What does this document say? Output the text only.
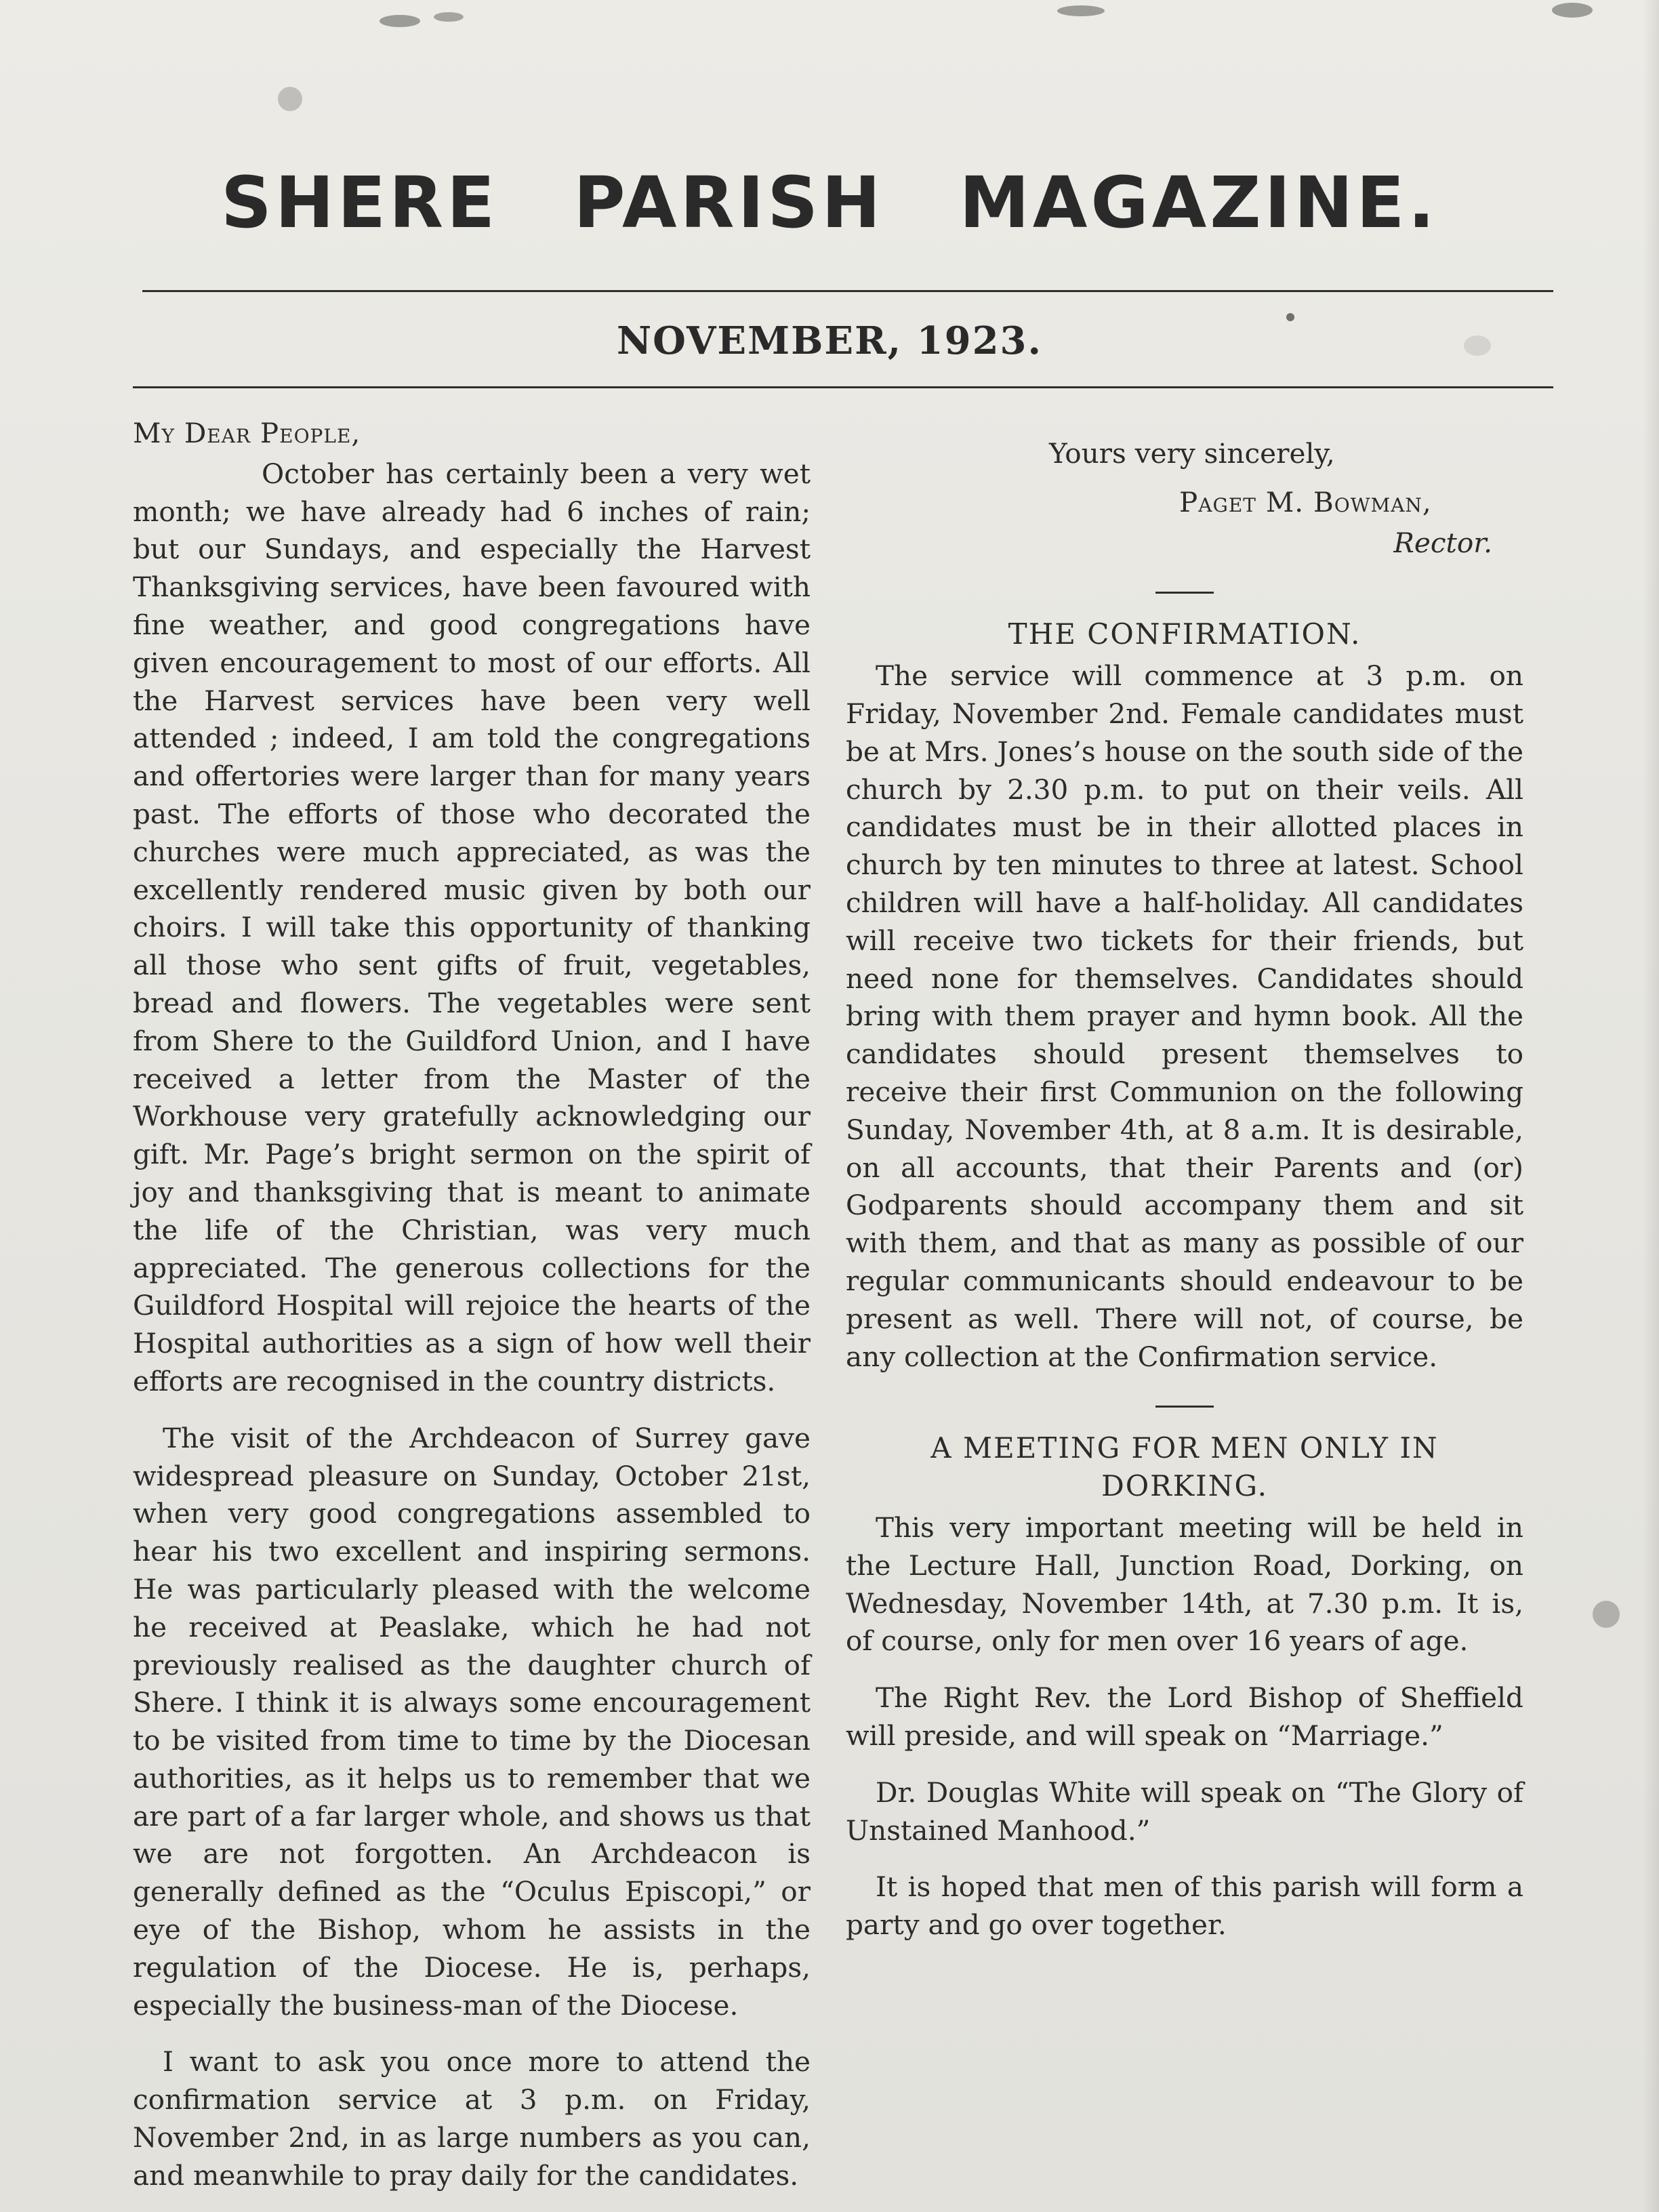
SHERE PARISH MAGAZINE.
NOVEMBER, 1923.

My Dear People,

October has certainly been a very wet month; we have already had 6 inches of rain; but our Sundays, and especially the Harvest Thanksgiving services, have been favoured with fine weather, and good congregations have given encouragement to most of our efforts. All the Harvest services have been very well attended ; indeed, I am told the congregations and offertories were larger than for many years past. The efforts of those who decorated the churches were much appreciated, as was the excellently rendered music given by both our choirs. I will take this opportunity of thanking all those who sent gifts of fruit, vegetables, bread and flowers. The vegetables were sent from Shere to the Guildford Union, and I have received a letter from the Master of the Workhouse very gratefully acknowledging our gift. Mr. Page’s bright sermon on the spirit of joy and thanksgiving that is meant to animate the life of the Christian, was very much appreciated. The generous collections for the Guildford Hospital will rejoice the hearts of the Hospital authorities as a sign of how well their efforts are recognised in the country districts.

The visit of the Archdeacon of Surrey gave widespread pleasure on Sunday, October 21st, when very good congregations assembled to hear his two excellent and inspiring sermons. He was particularly pleased with the welcome he received at Peaslake, which he had not previously realised as the daughter church of Shere. I think it is always some encouragement to be visited from time to time by the Diocesan authorities, as it helps us to remember that we are part of a far larger whole, and shows us that we are not forgotten. An Archdeacon is generally defined as the “Oculus Episcopi,” or eye of the Bishop, whom he assists in the regulation of the Diocese. He is, perhaps, especially the business-man of the Diocese.

I want to ask you once more to attend the confirmation service at 3 p.m. on Friday, November 2nd, in as large numbers as you can, and meanwhile to pray daily for the candidates.

Yours very sincerely,

Paget M. Bowman,

Rector.

THE CONFIRMATION.

The service will commence at 3 p.m. on Friday, November 2nd. Female candidates must be at Mrs. Jones’s house on the south side of the church by 2.30 p.m. to put on their veils. All candidates must be in their allotted places in church by ten minutes to three at latest. School children will have a half-holiday. All candidates will receive two tickets for their friends, but need none for themselves. Candidates should bring with them prayer and hymn book. All the candidates should present themselves to receive their first Communion on the following Sunday, November 4th, at 8 a.m. It is desirable, on all accounts, that their Parents and (or) Godparents should accompany them and sit with them, and that as many as possible of our regular communicants should endeavour to be present as well. There will not, of course, be any collection at the Confirmation service.

A MEETING FOR MEN ONLY IN DORKING.

This very important meeting will be held in the Lecture Hall, Junction Road, Dorking, on Wednesday, November 14th, at 7.30 p.m. It is, of course, only for men over 16 years of age.

The Right Rev. the Lord Bishop of Sheffield will preside, and will speak on “Marriage.”

Dr. Douglas White will speak on “The Glory of Unstained Manhood.”

It is hoped that men of this parish will form a party and go over together.
